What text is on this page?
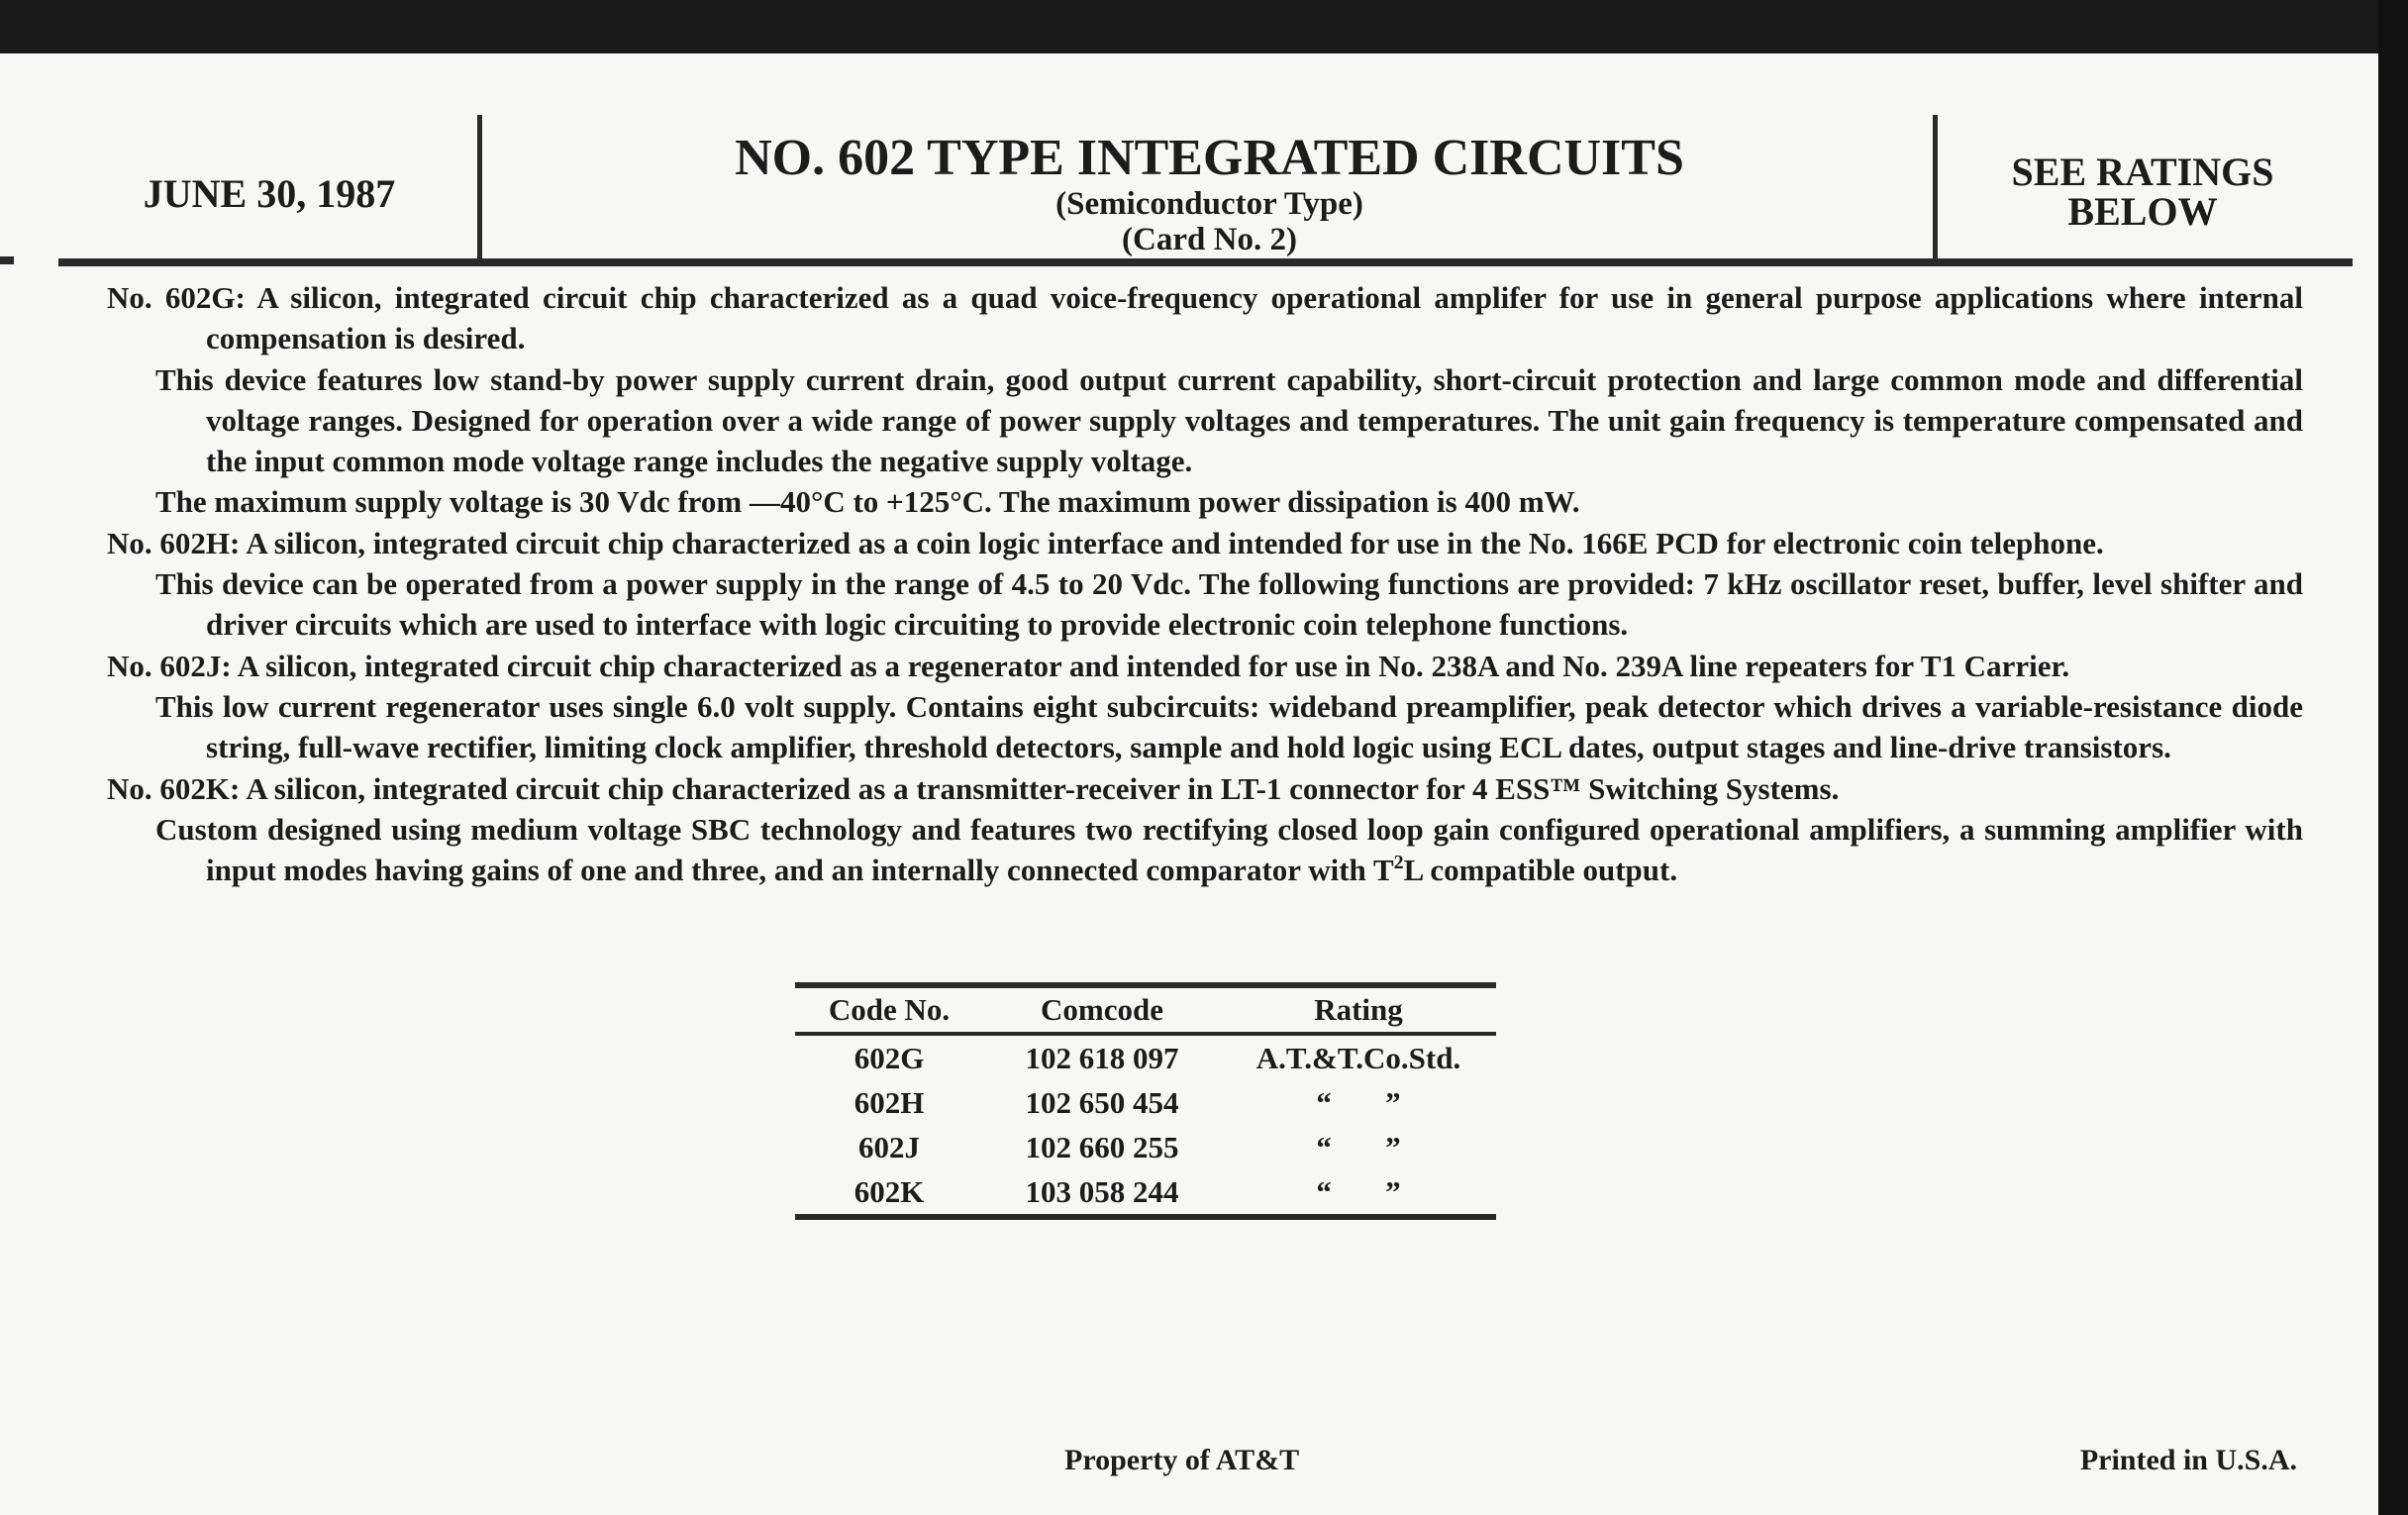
JUNE 30, 1987
NO. 602 TYPE INTEGRATED CIRCUITS
(Semiconductor Type)
(Card No. 2)
SEE RATINGS
BELOW

No. 602G: A silicon, integrated circuit chip characterized as a quad voice-frequency operational amplifer for use in general purpose applications where internal compensation is desired.

This device features low stand-by power supply current drain, good output current capability, short-circuit protection and large common mode and differential voltage ranges. Designed for operation over a wide range of power supply voltages and temperatures. The unit gain frequency is temperature compensated and the input common mode voltage range includes the negative supply voltage.

The maximum supply voltage is 30 Vdc from —40°C to +125°C. The maximum power dissipation is 400 mW.

No. 602H: A silicon, integrated circuit chip characterized as a coin logic interface and intended for use in the No. 166E PCD for electronic coin telephone.

This device can be operated from a power supply in the range of 4.5 to 20 Vdc. The following functions are provided: 7 kHz oscillator reset, buffer, level shifter and driver circuits which are used to interface with logic circuiting to provide electronic coin telephone functions.

No. 602J: A silicon, integrated circuit chip characterized as a regenerator and intended for use in No. 238A and No. 239A line repeaters for T1 Carrier.

This low current regenerator uses single 6.0 volt supply. Contains eight subcircuits: wideband preamplifier, peak detector which drives a variable-resistance diode string, full-wave rectifier, limiting clock amplifier, threshold detectors, sample and hold logic using ECL dates, output stages and line-drive transistors.

No. 602K: A silicon, integrated circuit chip characterized as a transmitter-receiver in LT-1 connector for 4 ESS™ Switching Systems.

Custom designed using medium voltage SBC technology and features two rectifying closed loop gain configured operational amplifiers, a summing amplifier with input modes having gains of one and three, and an internally connected comparator with $T^2L$ compatible output.

Code No.	Comcode	Rating
602G	102 618 097	A.T.&T.Co.Std.
602H	102 650 454	“       ”
602J	102 660 255	“       ”
602K	103 058 244	“       ”
Property of AT&T	Printed in U.S.A.
